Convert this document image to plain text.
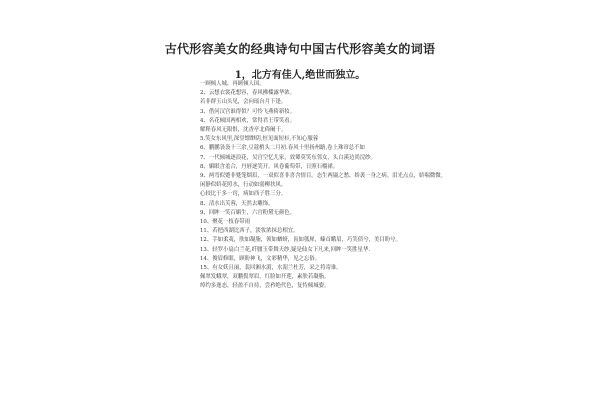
古代形容美女的经典诗句中国古代形容美女的词语
1，北方有佳人,绝世而独立。
一顾倾人城，再顾倾人国。
2、云想衣裳花想容，春风拂槛露华浓。
若非群玉山头见，会向瑶台月下逢。
3、借问汉宫谁得似？可怜飞燕倚新妆。
4、名花倾国两相欢，常得君王带笑看。
解释春风无限恨，沈香亭北倚阑干。
5.笑女东风里,深堂缥缈阴,恒见面短衫,不知心服蓉
6、鹏鹏袅袅十三余,豆蔻梢头二月初.春风十里扬州路,卷上珠帘总不如
7、一代倾城逐浪花，吴宫空忆儿家，效颦莫笑东邻女，头白溪边尚浣纱。
8、媚眼含羞合，丹唇逐笑开。风卷葡萄带，日照石榴裙。
9、两弯似蹙非蹙笼烟眉，一双似喜非喜含情目。态生两靥之愁，娇袭一身之病。泪光点点，娇喘微微。
闲静似娇花照水，行动如弱柳扶风。
心较比干多一窍，病如西子胜三分。
8、清水出芙蓉，天然去雕饰。
9、回眸一笑百媚生，六宫粉黛无颜色。
10、聚花一枝春带雨
11、若把西湖比西子，淡妆浓抹总相宜。
12、手如柔荑，肤如凝脂，领如蝤蛴，齿如瓠犀，螓首蛾眉，巧笑倩兮，美目盼兮。
13、轻罗小扇白兰花,纤腰玉带舞天纱,疑是仙女下凡来,回眸一笑胜星华.
14、俊眉修眼，顾盼神飞，文彩精华，见之忘俗。
15、有女妖且丽，裴回湘水湄，水湄兰杜芳，采之将寄谁。
佩翠发蛾翠，双鹏鬓翠眉，红脸如开莲，素肤若凝脂。
绰约多逸态，轻盈不自持，尝矜绝代色，复恃倾城姿。
